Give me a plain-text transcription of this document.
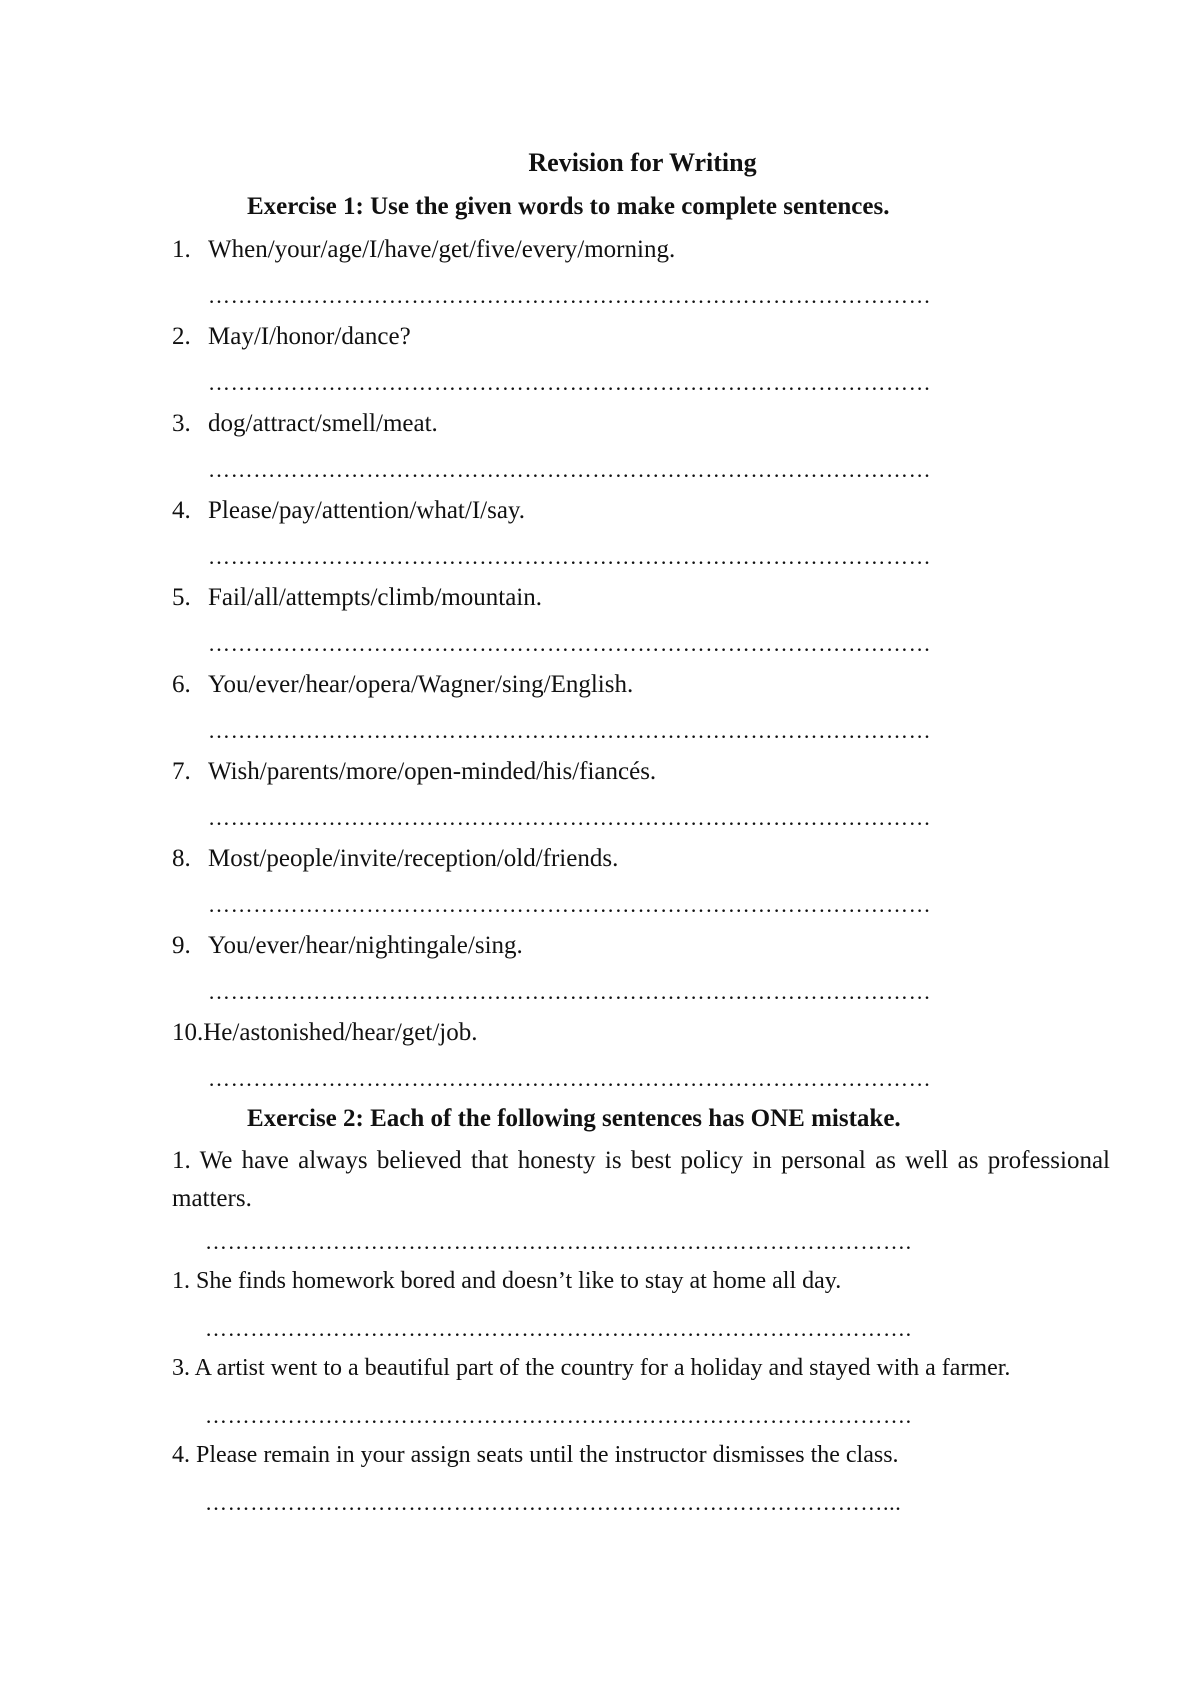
Revision for Writing
Exercise 1: Use the given words to make complete sentences.
1. When/your/age/I/have/get/five/every/morning.
……………………………………………………………………………………
2. May/I/honor/dance?
……………………………………………………………………………………
3. dog/attract/smell/meat.
……………………………………………………………………………………
4. Please/pay/attention/what/I/say.
……………………………………………………………………………………
5. Fail/all/attempts/climb/mountain.
……………………………………………………………………………………
6. You/ever/hear/opera/Wagner/sing/English.
……………………………………………………………………………………
7. Wish/parents/more/open-minded/his/fiancés.
……………………………………………………………………………………
8. Most/people/invite/reception/old/friends.
……………………………………………………………………………………
9. You/ever/hear/nightingale/sing.
……………………………………………………………………………………
10.He/astonished/hear/get/job.
……………………………………………………………………………………
Exercise 2: Each of the following sentences has ONE mistake.
1. We have always believed that honesty is best policy in personal as well as professional matters.
………………………………………………………………………………….
1. She finds homework bored and doesn’t like to stay at home all day.
………………………………………………………………………………….
3. A artist went to a beautiful part of the country for a holiday and stayed with a farmer.
………………………………………………………………………………….
4. Please remain in your assign seats until the instructor dismisses the class.
………………………………………………………………………………...
